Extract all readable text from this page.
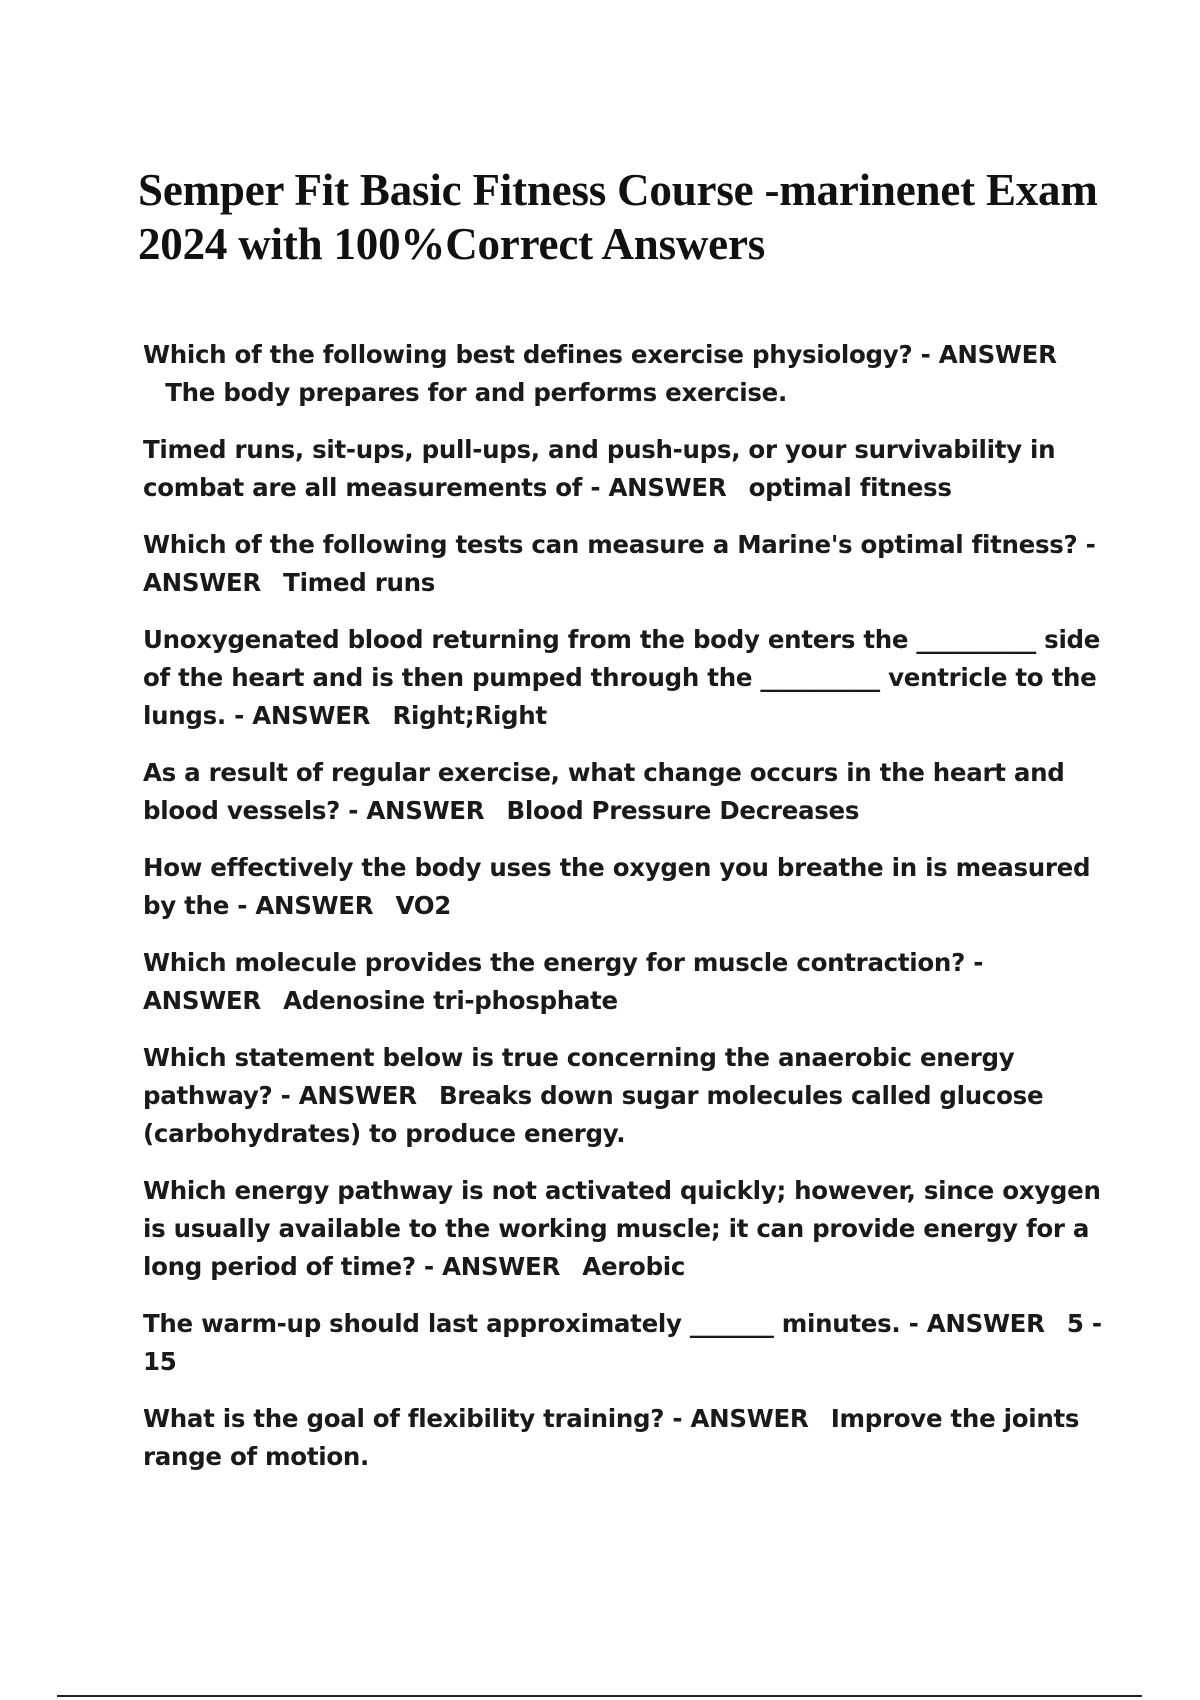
Semper Fit Basic Fitness Course -marinenet Exam 2024 with 100%Correct Answers
Which of the following best defines exercise physiology? - ANSWER The body prepares for and performs exercise.
Timed runs, sit-ups, pull-ups, and push-ups, or your survivability in combat are all measurements of - ANSWER optimal fitness
Which of the following tests can measure a Marine's optimal fitness? - ANSWER Timed runs
Unoxygenated blood returning from the body enters the __________ side of the heart and is then pumped through the __________ ventricle to the lungs. - ANSWER Right;Right
As a result of regular exercise, what change occurs in the heart and blood vessels? - ANSWER Blood Pressure Decreases
How effectively the body uses the oxygen you breathe in is measured by the - ANSWER VO2
Which molecule provides the energy for muscle contraction? - ANSWER Adenosine tri-phosphate
Which statement below is true concerning the anaerobic energy pathway? - ANSWER Breaks down sugar molecules called glucose (carbohydrates) to produce energy.
Which energy pathway is not activated quickly; however, since oxygen is usually available to the working muscle; it can provide energy for a long period of time? - ANSWER Aerobic
The warm-up should last approximately _______ minutes. - ANSWER 5 - 15
What is the goal of flexibility training? - ANSWER Improve the joints range of motion.
